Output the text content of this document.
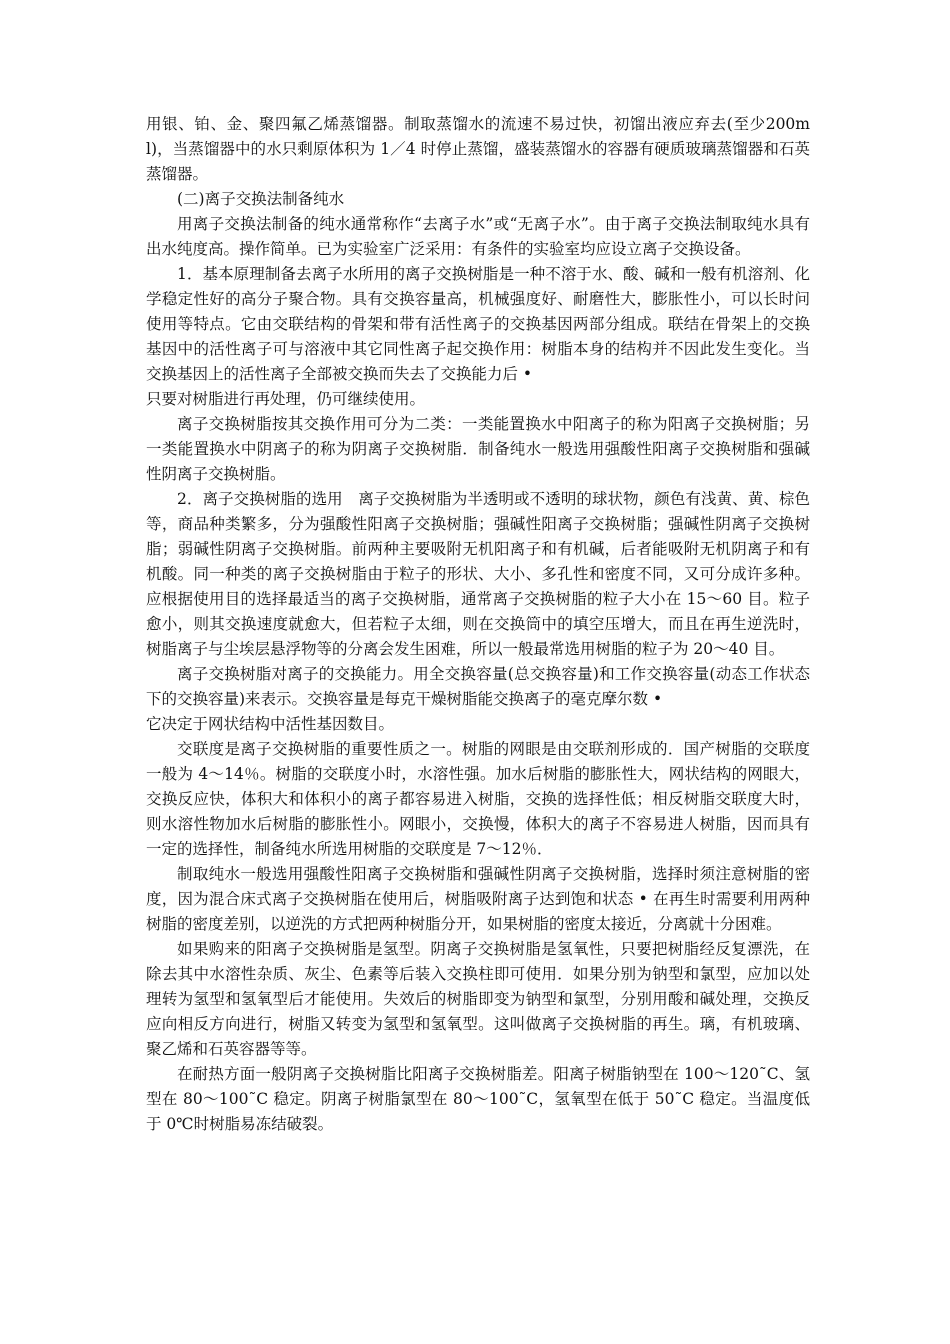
用银、铂、金、聚四氟乙烯蒸馏器。制取蒸馏水的流速不易过快，初馏出液应弃去(至少200ml)，当蒸馏器中的水只剩原体积为 1／4 时停止蒸馏，盛装蒸馏水的容器有硬质玻璃蒸馏器和石英蒸馏器。

(二)离子交换法制备纯水

用离子交换法制备的纯水通常称作“去离子水”或“无离子水”。由于离子交换法制取纯水具有出水纯度高。操作简单。已为实验室广泛采用：有条件的实验室均应设立离子交换设备。

1．基本原理制备去离子水所用的离子交换树脂是一种不溶于水、酸、碱和一般有机溶剂、化学稳定性好的高分子聚合物。具有交换容量高，机械强度好、耐磨性大，膨胀性小，可以长时问使用等特点。它由交联结构的骨架和带有活性离子的交换基因两部分组成。联结在骨架上的交换基因中的活性离子可与溶液中其它同性离子起交换作用：树脂本身的结构并不因此发生变化。当交换基因上的活性离子全部被交换而失去了交换能力后 •

只要对树脂进行再处理，仍可继续使用。

离子交换树脂按其交换作用可分为二类：一类能置换水中阳离子的称为阳离子交换树脂；另一类能置换水中阴离子的称为阴离子交换树脂．制备纯水一般选用强酸性阳离子交换树脂和强碱性阴离子交换树脂。

2．离子交换树脂的选用　离子交换树脂为半透明或不透明的球状物，颜色有浅黄、黄、棕色等，商品种类繁多，分为强酸性阳离子交换树脂；强碱性阳离子交换树脂；强碱性阴离子交换树脂；弱碱性阴离子交换树脂。前两种主要吸附无机阳离子和有机碱，后者能吸附无机阴离子和有机酸。同一种类的离子交换树脂由于粒子的形状、大小、多孔性和密度不同，又可分成许多种。应根据使用目的选择最适当的离子交换树脂，通常离子交换树脂的粒子大小在 15～60 目。粒子愈小，则其交换速度就愈大，但若粒子太细，则在交换筒中的填空压增大，而且在再生逆洗时，树脂离子与尘埃层悬浮物等的分离会发生困难，所以一般最常选用树脂的粒子为 20～40 目。

离子交换树脂对离子的交换能力。用全交换容量(总交换容量)和工作交换容量(动态工作状态下的交换容量)来表示。交换容量是每克干燥树脂能交换离子的毫克摩尔数 •

它决定于网状结构中活性基因数目。

交联度是离子交换树脂的重要性质之一。树脂的网眼是由交联剂形成的．国产树脂的交联度一般为 4～14％。树脂的交联度小时，水溶性强。加水后树脂的膨胀性大，网状结构的网眼大，交换反应快，体积大和体积小的离子都容易进入树脂，交换的选择性低；相反树脂交联度大时，则水溶性物加水后树脂的膨胀性小。网眼小，交换慢，体积大的离子不容易进人树脂，因而具有一定的选择性，制备纯水所选用树脂的交联度是 7～12％．

制取纯水一般选用强酸性阳离子交换树脂和强碱性阴离子交换树脂，选择时须注意树脂的密度，因为混合床式离子交换树脂在使用后，树脂吸附离子达到饱和状态 • 在再生时需要利用两种树脂的密度差别，以逆洗的方式把两种树脂分开，如果树脂的密度太接近，分离就十分困难。

如果购来的阳离子交换树脂是氢型。阴离子交换树脂是氢氧性，只要把树脂经反复漂洗，在除去其中水溶性杂质、灰尘、色素等后装入交换柱即可使用．如果分别为钠型和氯型，应加以处理转为氢型和氢氧型后才能使用。失效后的树脂即变为钠型和氯型，分别用酸和碱处理，交换反应向相反方向进行，树脂又转变为氢型和氢氧型。这叫做离子交换树脂的再生。璃，有机玻璃、聚乙烯和石英容器等等。

在耐热方面一般阴离子交换树脂比阳离子交换树脂差。阳离子树脂钠型在 100～120˜C、氢型在 80～100˜C 稳定。阴离子树脂氯型在 80～100˜C，氢氧型在低于 50˜C 稳定。当温度低于 0℃时树脂易冻结破裂。
